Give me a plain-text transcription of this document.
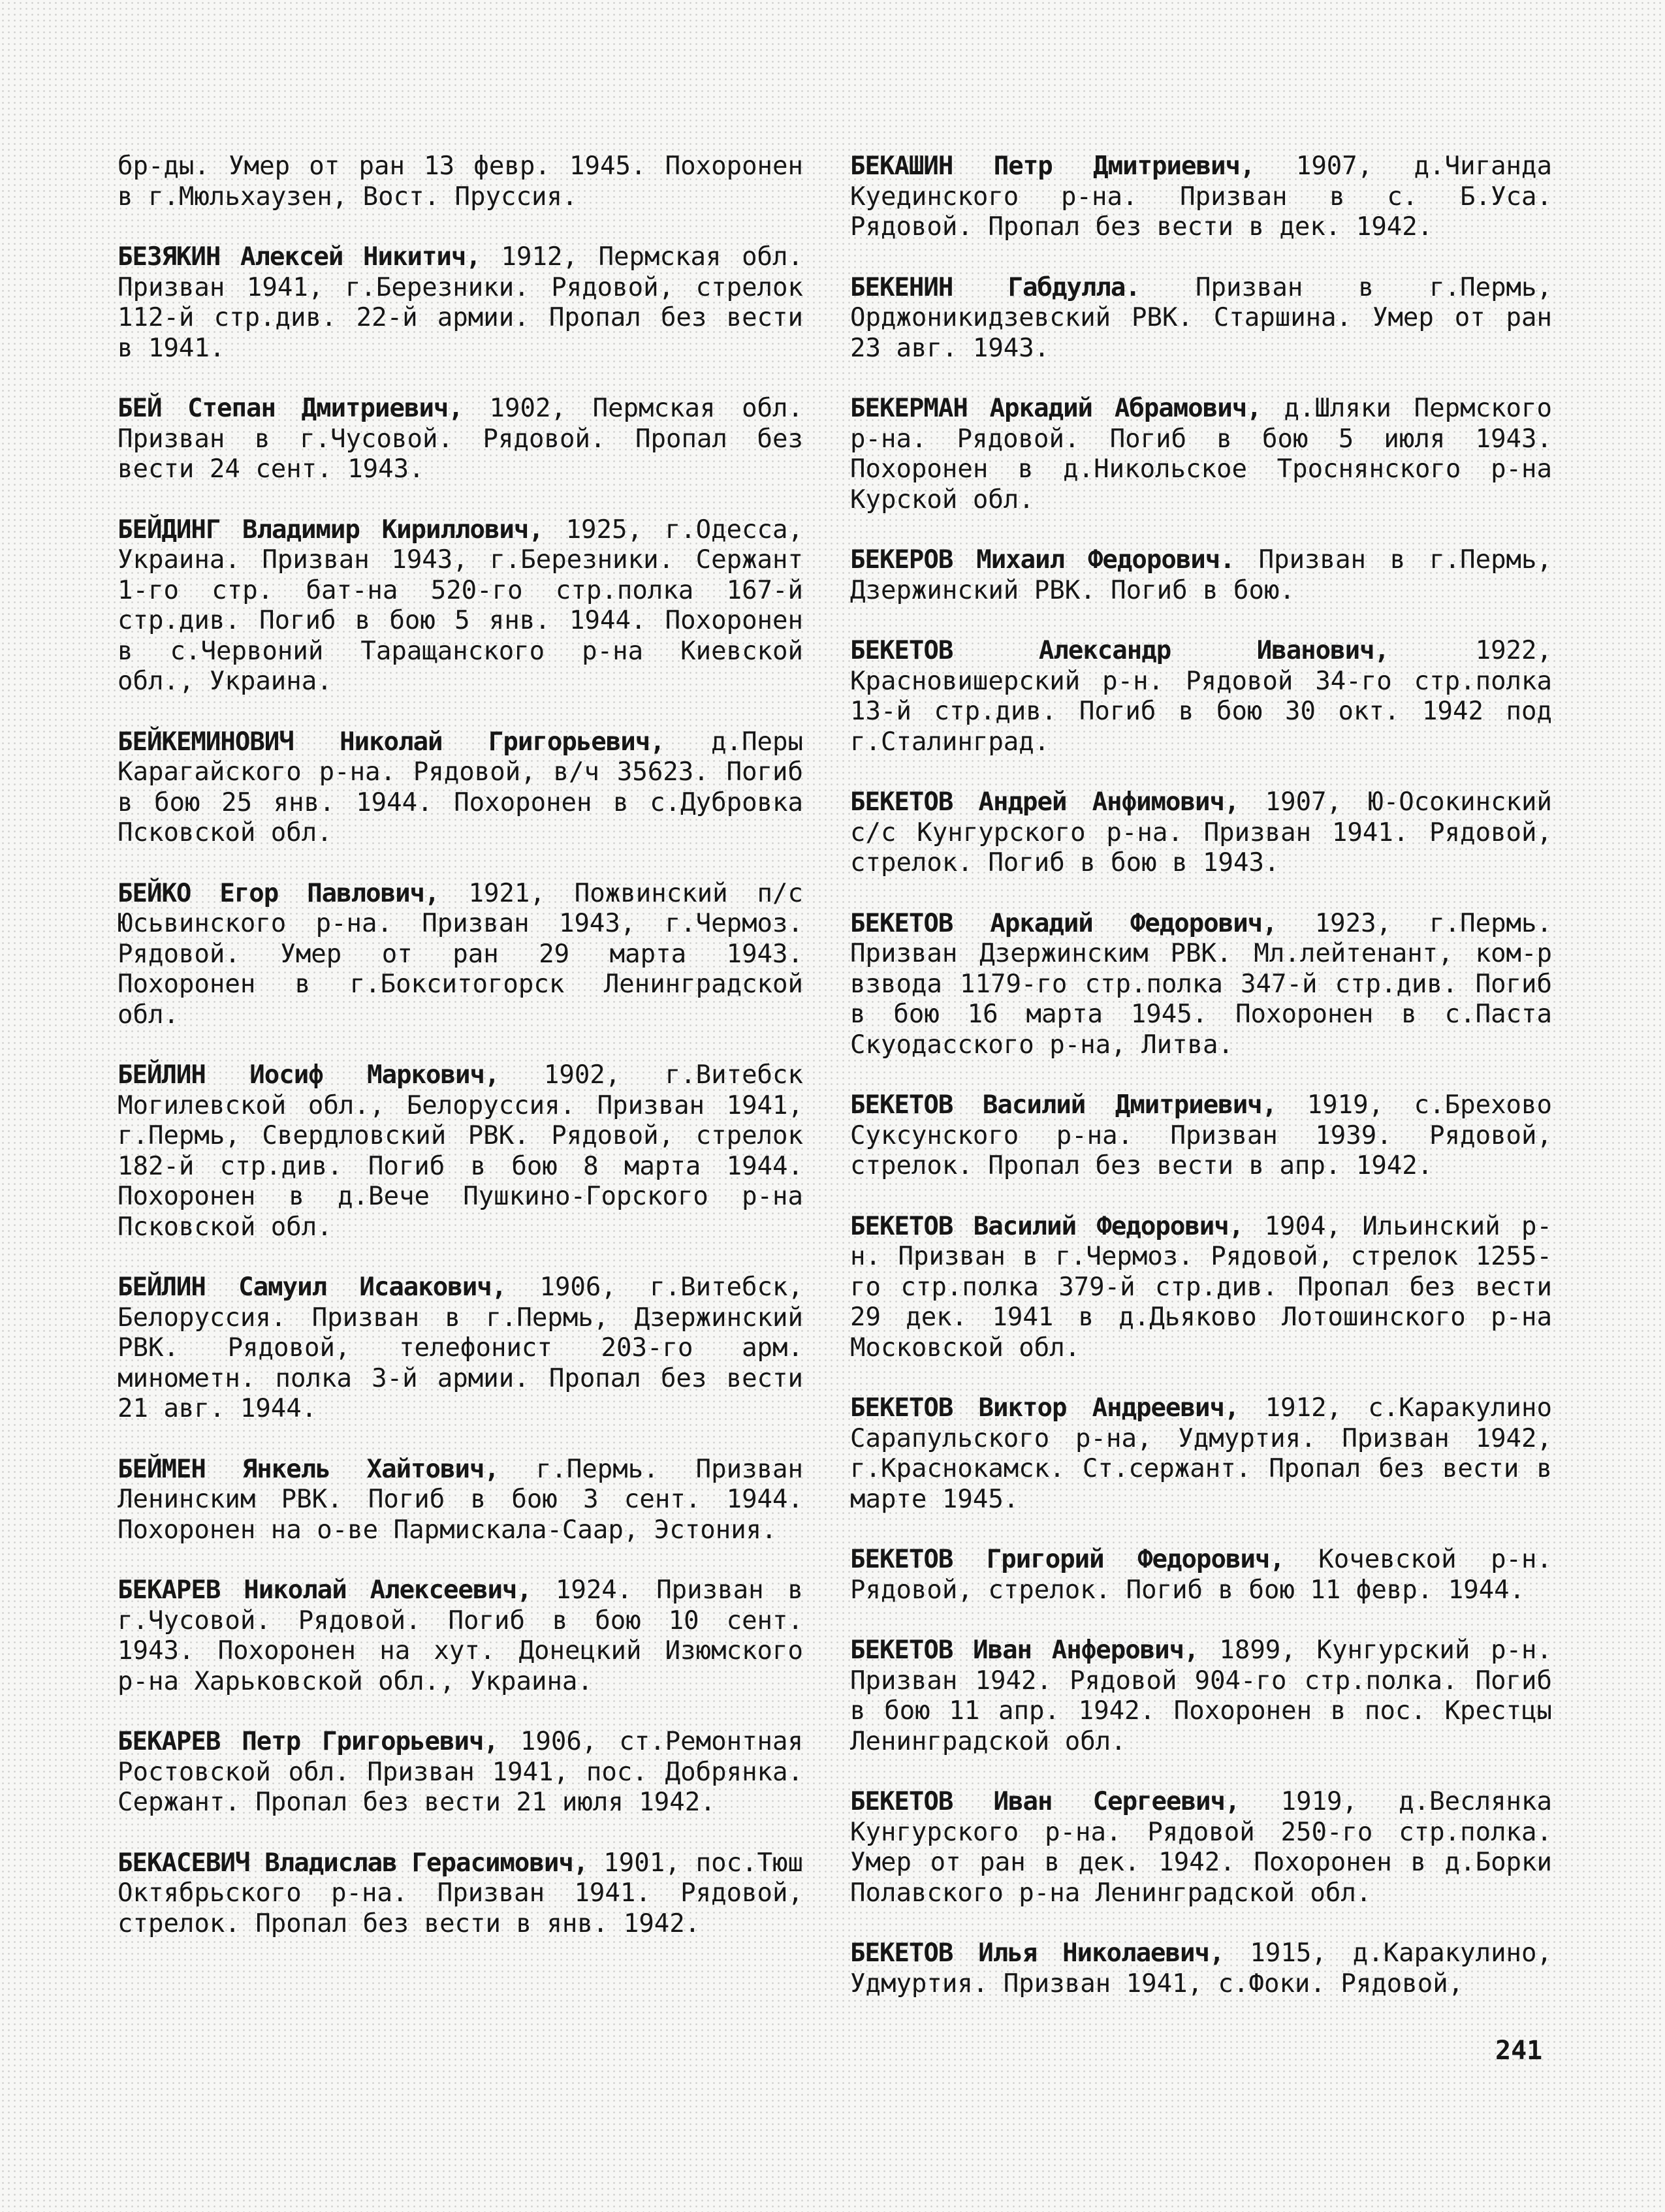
бр-ды. Умер от ран 13 февр. 1945. Похоронен в г.Мюльхаузен, Вост. Пруссия.

БЕЗЯКИН Алексей Никитич, 1912, Пермская обл. Призван 1941, г.Березники. Рядовой, стрелок 112-й стр.див. 22-й армии. Пропал без вести в 1941.

БЕЙ Степан Дмитриевич, 1902, Пермская обл. Призван в г.Чусовой. Рядовой. Пропал без вести 24 сент. 1943.

БЕЙДИНГ Владимир Кириллович, 1925, г.Одесса, Украина. Призван 1943, г.Березники. Сержант 1-го стр. бат-на 520-го стр.полка 167-й стр.див. Погиб в бою 5 янв. 1944. Похоронен в с.Червоний Таращанского р-на Киевской обл., Украина.

БЕЙКЕМИНОВИЧ Николай Григорьевич, д.Перы Карагайского р-на. Рядовой, в/ч 35623. Погиб в бою 25 янв. 1944. Похоронен в с.Дубровка Псковской обл.

БЕЙКО Егор Павлович, 1921, Пожвинский п/с Юсьвинского р-на. Призван 1943, г.Чермоз. Рядовой. Умер от ран 29 марта 1943. Похоронен в г.Бокситогорск Ленинградской обл.

БЕЙЛИН Иосиф Маркович, 1902, г.Витебск Могилевской обл., Белоруссия. Призван 1941, г.Пермь, Свердловский РВК. Рядовой, стрелок 182-й стр.див. Погиб в бою 8 марта 1944. Похоронен в д.Вече Пушкино-Горского р-на Псковской обл.

БЕЙЛИН Самуил Исаакович, 1906, г.Витебск, Белоруссия. Призван в г.Пермь, Дзержинский РВК. Рядовой, телефонист 203-го арм. минометн. полка 3-й армии. Пропал без вести 21 авг. 1944.

БЕЙМЕН Янкель Хайтович, г.Пермь. Призван Ленинским РВК. Погиб в бою 3 сент. 1944. Похоронен на о-ве Пармискала-Саар, Эстония.

БЕКАРЕВ Николай Алексеевич, 1924. Призван в г.Чусовой. Рядовой. Погиб в бою 10 сент. 1943. Похоронен на хут. Донецкий Изюмского р-на Харьковской обл., Украина.

БЕКАРЕВ Петр Григорьевич, 1906, ст.Ремонтная Ростовской обл. Призван 1941, пос. Добрянка. Сержант. Пропал без вести 21 июля 1942.

БЕКАСЕВИЧ Владислав Герасимович, 1901, пос.Тюш Октябрьского р-на. Призван 1941. Рядовой, стрелок. Пропал без вести в янв. 1942.

БЕКАШИН Петр Дмитриевич, 1907, д.Чиганда Куединского р-на. Призван в с. Б.Уса. Рядовой. Пропал без вести в дек. 1942.

БЕКЕНИН Габдулла. Призван в г.Пермь, Орджоникидзевский РВК. Старшина. Умер от ран 23 авг. 1943.

БЕКЕРМАН Аркадий Абрамович, д.Шляки Пермского р-на. Рядовой. Погиб в бою 5 июля 1943. Похоронен в д.Никольское Троснянского р-на Курской обл.

БЕКЕРОВ Михаил Федорович. Призван в г.Пермь, Дзержинский РВК. Погиб в бою.

БЕКЕТОВ Александр Иванович, 1922, Красновишерский р-н. Рядовой 34-го стр.полка 13-й стр.див. Погиб в бою 30 окт. 1942 под г.Сталинград.

БЕКЕТОВ Андрей Анфимович, 1907, Ю-Осокинский с/с Кунгурского р-на. Призван 1941. Рядовой, стрелок. Погиб в бою в 1943.

БЕКЕТОВ Аркадий Федорович, 1923, г.Пермь. Призван Дзержинским РВК. Мл.лейтенант, ком-р взвода 1179-го стр.полка 347-й стр.див. Погиб в бою 16 марта 1945. Похоронен в с.Паста Скуодасского р-на, Литва.

БЕКЕТОВ Василий Дмитриевич, 1919, с.Брехово Суксунского р-на. Призван 1939. Рядовой, стрелок. Пропал без вести в апр. 1942.

БЕКЕТОВ Василий Федорович, 1904, Ильинский р-н. Призван в г.Чермоз. Рядовой, стрелок 1255-го стр.полка 379-й стр.див. Пропал без вести 29 дек. 1941 в д.Дьяково Лотошинского р-на Московской обл.

БЕКЕТОВ Виктор Андреевич, 1912, с.Каракулино Сарапульского р-на, Удмуртия. Призван 1942, г.Краснокамск. Ст.сержант. Пропал без вести в марте 1945.

БЕКЕТОВ Григорий Федорович, Кочевской р-н. Рядовой, стрелок. Погиб в бою 11 февр. 1944.

БЕКЕТОВ Иван Анферович, 1899, Кунгурский р-н. Призван 1942. Рядовой 904-го стр.полка. Погиб в бою 11 апр. 1942. Похоронен в пос. Крестцы Ленинградской обл.

БЕКЕТОВ Иван Сергеевич, 1919, д.Веслянка Кунгурского р-на. Рядовой 250-го стр.полка. Умер от ран в дек. 1942. Похоронен в д.Борки Полавского р-на Ленинградской обл.

БЕКЕТОВ Илья Николаевич, 1915, д.Каракулино, Удмуртия. Призван 1941, с.Фоки. Рядовой,

241
